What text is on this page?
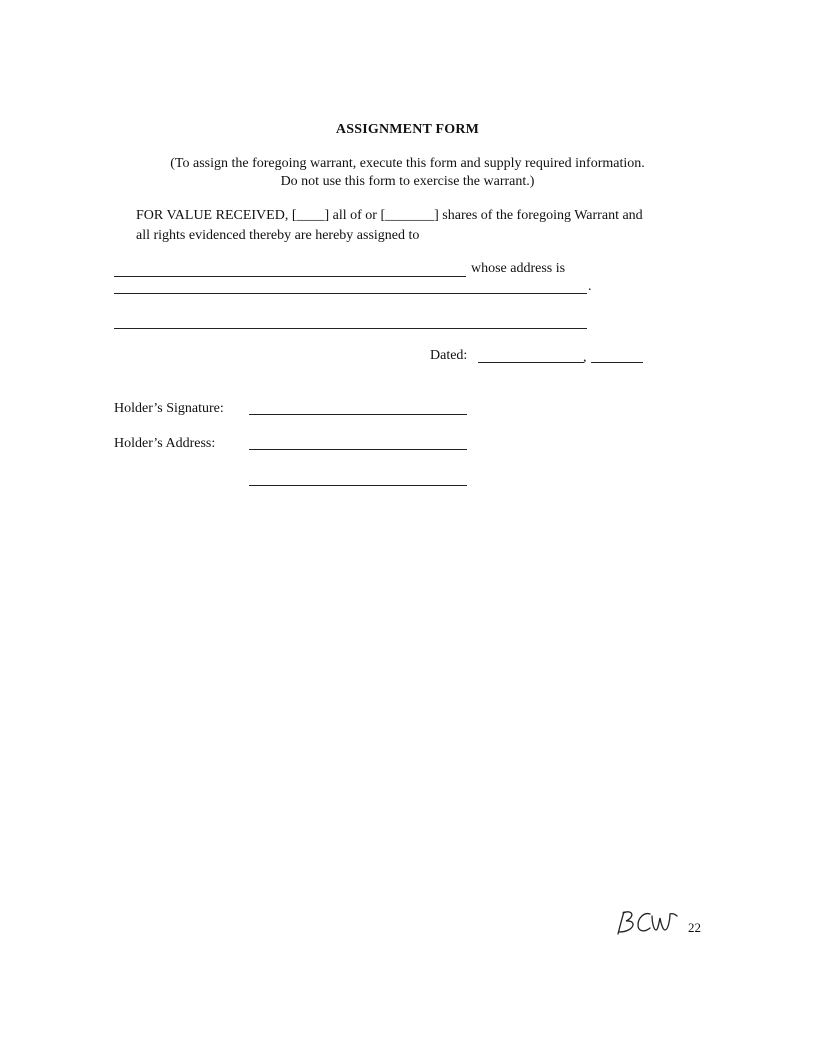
ASSIGNMENT FORM
(To assign the foregoing warrant, execute this form and supply required information.
Do not use this form to exercise the warrant.)
FOR VALUE RECEIVED, [____] all of or [_______] shares of the foregoing Warrant and
all rights evidenced thereby are hereby assigned to
whose address is
.
Dated:	,
Holder’s Signature:
Holder’s Address:
22
